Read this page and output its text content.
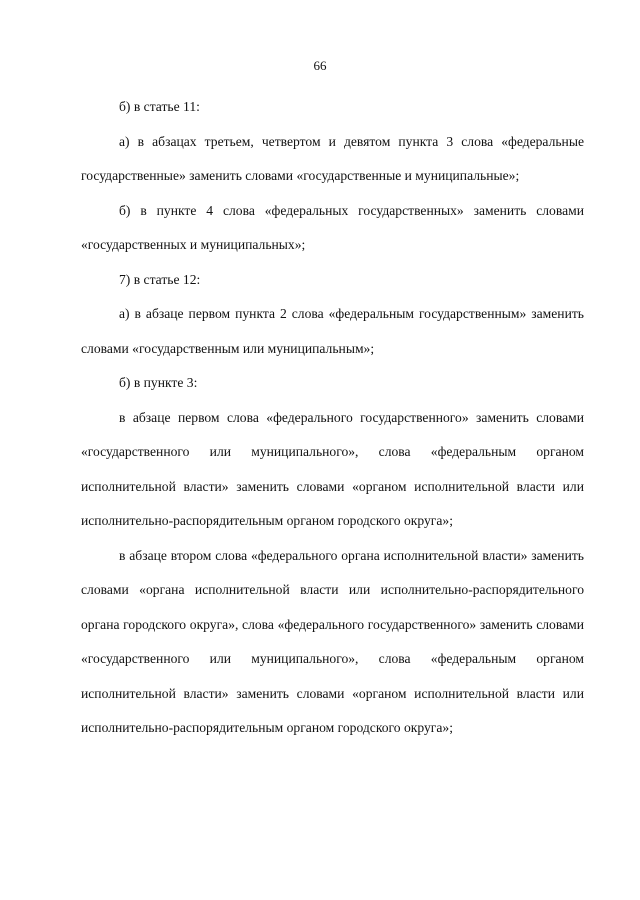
66

б) в статье 11:

а) в абзацах третьем, четвертом и девятом пункта 3 слова «федеральные государственные» заменить словами «государственные и муниципальные»;

б) в пункте 4 слова «федеральных государственных» заменить словами «государственных и муниципальных»;

7) в статье 12:

а) в абзаце первом пункта 2 слова «федеральным государственным» заменить словами «государственным или муниципальным»;

б) в пункте 3:

в абзаце первом слова «федерального государственного» заменить словами «государственного или муниципального», слова «федеральным органом исполнительной власти» заменить словами «органом исполнительной власти или исполнительно-распорядительным органом городского округа»;

в абзаце втором слова «федерального органа исполнительной власти» заменить словами «органа исполнительной власти или исполнительно-распорядительного органа городского округа», слова «федерального государственного» заменить словами «государственного или муниципального», слова «федеральным органом исполнительной власти» заменить словами «органом исполнительной власти или исполнительно-распорядительным органом городского округа»;
